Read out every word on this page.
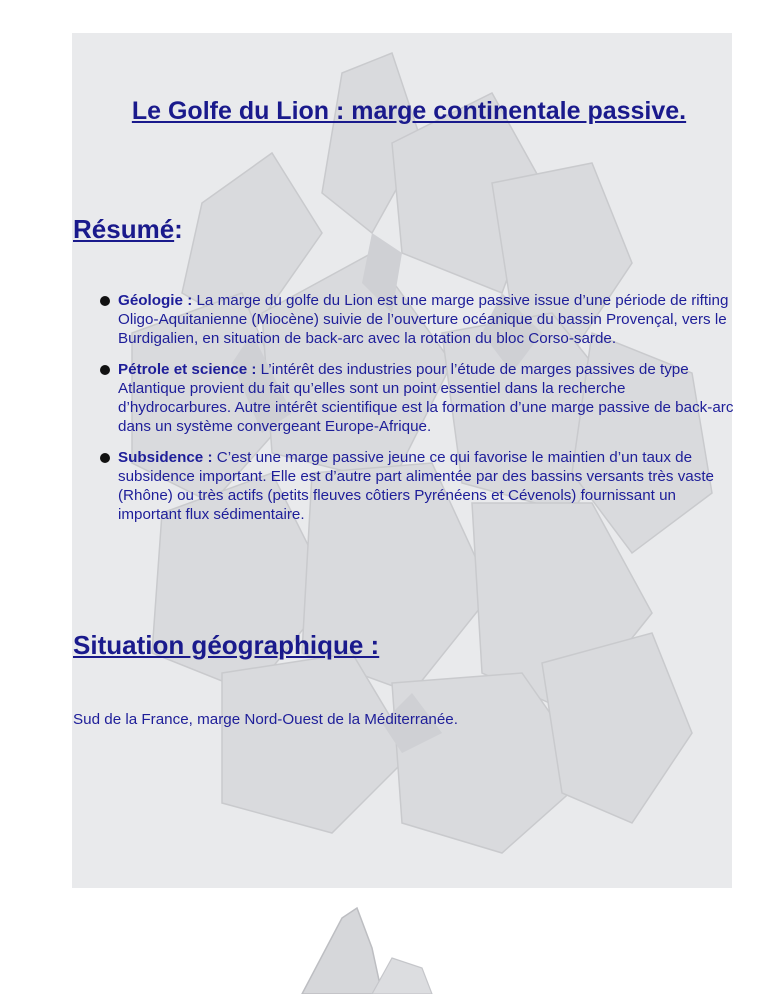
Le Golfe du Lion : marge continentale passive.
Résumé:
Géologie : La marge du golfe du Lion est une marge passive issue d’une période de rifting Oligo-Aquitanienne (Miocène) suivie de l’ouverture océanique du bassin Provençal, vers le Burdigalien, en situation de back-arc avec la rotation du bloc Corso-sarde.
Pétrole et science : L’intérêt des industries pour l’étude de marges passives de type Atlantique provient du fait qu’elles sont un point essentiel dans la recherche d’hydrocarbures. Autre intérêt scientifique est la formation d’une marge passive de back-arc dans un système convergeant Europe-Afrique.
Subsidence : C’est une marge passive jeune ce qui favorise le maintien d’un taux de subsidence important. Elle est d’autre part alimentée par des bassins versants très vaste (Rhône) ou très actifs (petits fleuves côtiers Pyrénéens et Cévenols) fournissant un important flux sédimentaire.
Situation géographique :
Sud de la France, marge Nord-Ouest de la Méditerranée.
